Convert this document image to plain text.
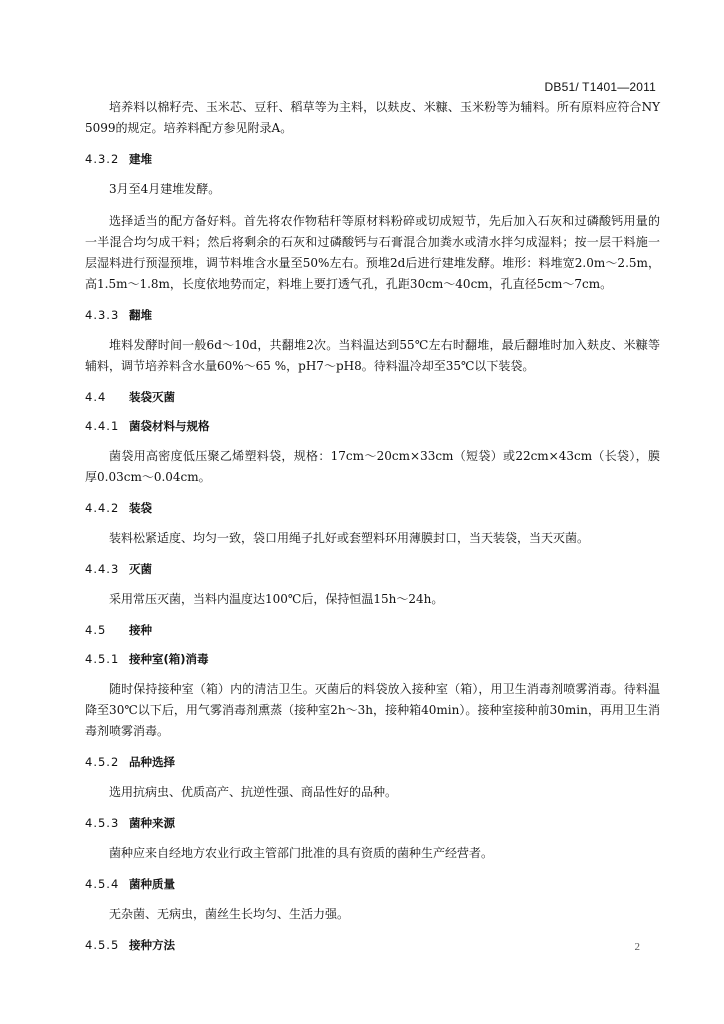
DB51/ T1401—2011

培养料以棉籽壳、玉米芯、豆秆、稻草等为主料，以麸皮、米糠、玉米粉等为辅料。所有原料应符合NY 5099的规定。培养料配方参见附录A。

4.3.2 建堆

3月至4月建堆发酵。

选择适当的配方备好料。首先将农作物秸秆等原材料粉碎或切成短节，先后加入石灰和过磷酸钙用量的一半混合均匀成干料；然后将剩余的石灰和过磷酸钙与石膏混合加粪水或清水拌匀成湿料；按一层干料施一层湿料进行预湿预堆，调节料堆含水量至50%左右。预堆2d后进行建堆发酵。堆形：料堆宽2.0m～2.5m，高1.5m～1.8m，长度依地势而定，料堆上要打透气孔，孔距30cm～40cm，孔直径5cm～7cm。

4.3.3 翻堆

堆料发酵时间一般6d～10d，共翻堆2次。当料温达到55℃左右时翻堆，最后翻堆时加入麸皮、米糠等辅料，调节培养料含水量60%～65 %，pH7～pH8。待料温冷却至35℃以下装袋。

4.4 装袋灭菌
4.4.1 菌袋材料与规格

菌袋用高密度低压聚乙烯塑料袋，规格：17cm～20cm×33cm（短袋）或22cm×43cm（长袋），膜厚0.03cm～0.04cm。

4.4.2 装袋

装料松紧适度、均匀一致，袋口用绳子扎好或套塑料环用薄膜封口，当天装袋，当天灭菌。

4.4.3 灭菌

采用常压灭菌，当料内温度达100℃后，保持恒温15h～24h。

4.5 接种
4.5.1 接种室(箱)消毒

随时保持接种室（箱）内的清洁卫生。灭菌后的料袋放入接种室（箱），用卫生消毒剂喷雾消毒。待料温降至30℃以下后，用气雾消毒剂熏蒸（接种室2h～3h，接种箱40min）。接种室接种前30min，再用卫生消毒剂喷雾消毒。

4.5.2 品种选择

选用抗病虫、优质高产、抗逆性强、商品性好的品种。

4.5.3 菌种来源

菌种应来自经地方农业行政主管部门批准的具有资质的菌种生产经营者。

4.5.4 菌种质量

无杂菌、无病虫，菌丝生长均匀、生活力强。

4.5.5 接种方法	2
